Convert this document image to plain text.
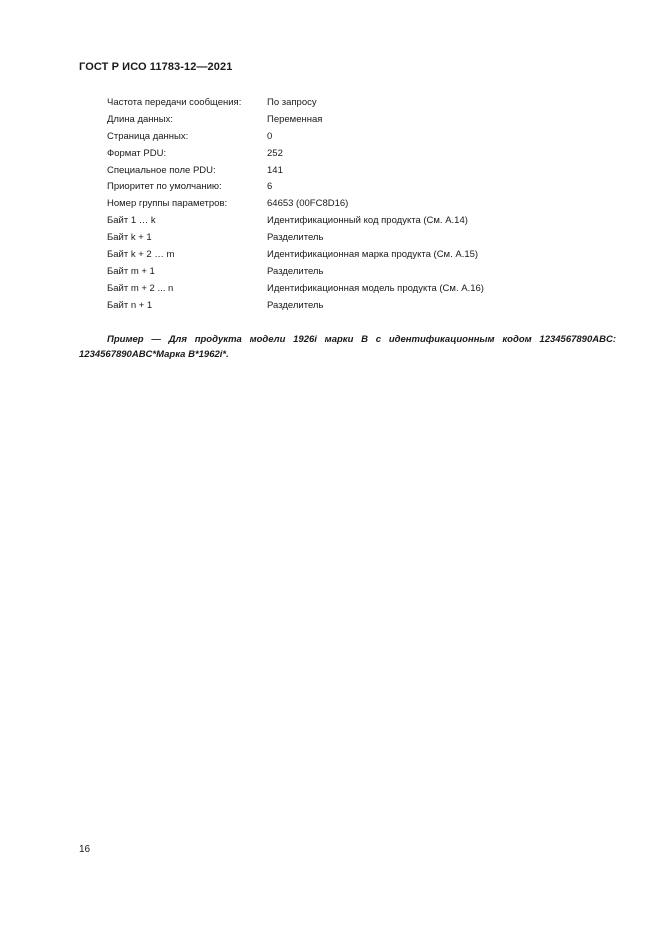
ГОСТ Р ИСО 11783-12—2021
Частота передачи сообщения:	По запросу
Длина данных:	Переменная
Страница данных:	0
Формат PDU:	252
Специальное поле PDU:	141
Приоритет по умолчанию:	6
Номер группы параметров:	64653 (00FC8D16)
Байт 1 … k	Идентификационный код продукта (См. А.14)
Байт k + 1	Разделитель
Байт k + 2 … m	Идентификационная марка продукта (См. А.15)
Байт m + 1	Разделитель
Байт m + 2 ... n	Идентификационная модель продукта (См. А.16)
Байт n + 1	Разделитель

Пример — Для продукта модели 1926i марки B с идентификационным кодом 1234567890ABC: 1234567890ABC*Марка B*1962i*.

16
